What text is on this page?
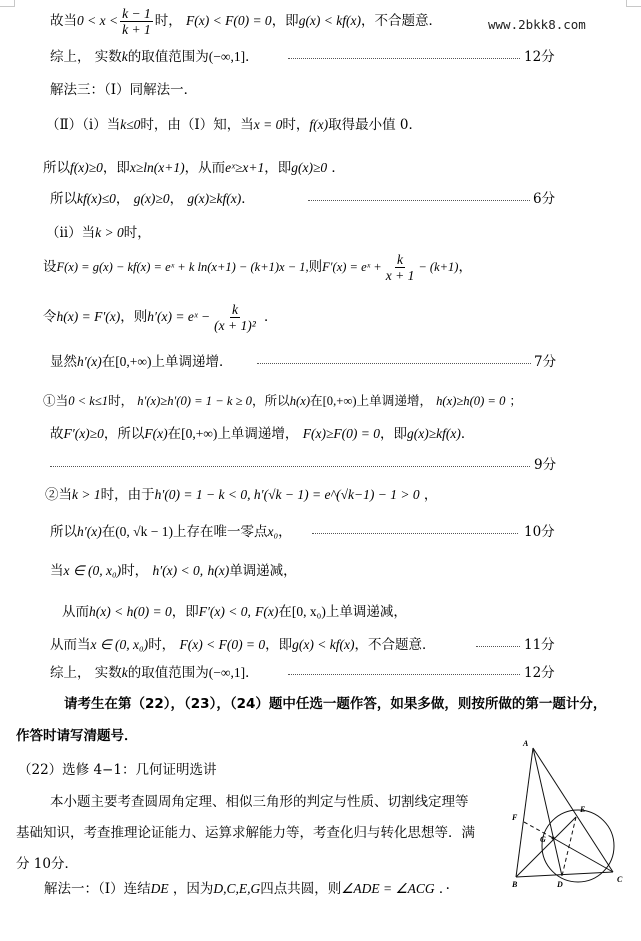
故当$0 < x < \frac{k - 1}{k + 1}$ 时， F(x) < F(0) = 0，即g(x) < kf(x)，不合题意．	www.2bkk8.com
综上， 实数k的取值范围为(−∞,1]．	12分
解法三：（Ⅰ）同解法一．
（Ⅱ）（ⅰ）当k≤0时，由（Ⅰ）知，当x = 0时，f(x)取得最小值 0．
所以f(x)≥0，即x≥ln(x+1)，从而eˣ≥x+1，即g(x)≥0 ．
所以kf(x)≤0， g(x)≥0， g(x)≥kf(x)．	6分
（ⅱ）当k > 0时，
设F(x) = g(x) − kf(x) = eˣ + k ln(x+1) − (k+1)x − 1,则F′(x) = eˣ + $\frac{k}{x + 1} - (k+1)$，
令h(x) = F′(x)，则h′(x) = eˣ − $\frac{k}{\text{(x + 1)²}}$ ．
显然h′(x)在[0,+∞)上单调递增．	7分
①当0 < k≤1时， h′(x)≥h′(0) = 1 − k ≥ 0，所以h(x)在[0,+∞)上单调递增， h(x)≥h(0) = 0 ；
故F′(x)≥0，所以F(x)在[0,+∞)上单调递增， F(x)≥F(0) = 0，即g(x)≥kf(x)．
9分
②当k > 1时，由于h′(0) = 1 − k < 0, h′(√k − 1) = e^(√k−1) − 1 > 0 ，
所以h′(x)在(0, √k − 1)上存在唯一零点x₀，	10分
当x ∈ (0, x₀)时， h′(x) < 0, h(x)单调递减，
从而h(x) < h(0) = 0，即F′(x) < 0, F(x)在[0, x₀)上单调递减，
从而当x ∈ (0, x₀)时， F(x) < F(0) = 0，即g(x) < kf(x)，不合题意．	11分
综上， 实数k的取值范围为(−∞,1]．	12分
请考生在第（22），（23），（24）题中任选一题作答，如果多做，则按所做的第一题计分，
作答时请写清题号．
（22）选修 4−1：几何证明选讲
本小题主要考查圆周角定理、相似三角形的判定与性质、切割线定理等
基础知识，考查推理论证能力、运算求解能力等，考查化归与转化思想等．满
分 10分．
解法一：（Ⅰ）连结DE ，因为D,C,E,G四点共圆，则∠ADE = ∠ACG ．·
A
F
G
E
B	D
C
